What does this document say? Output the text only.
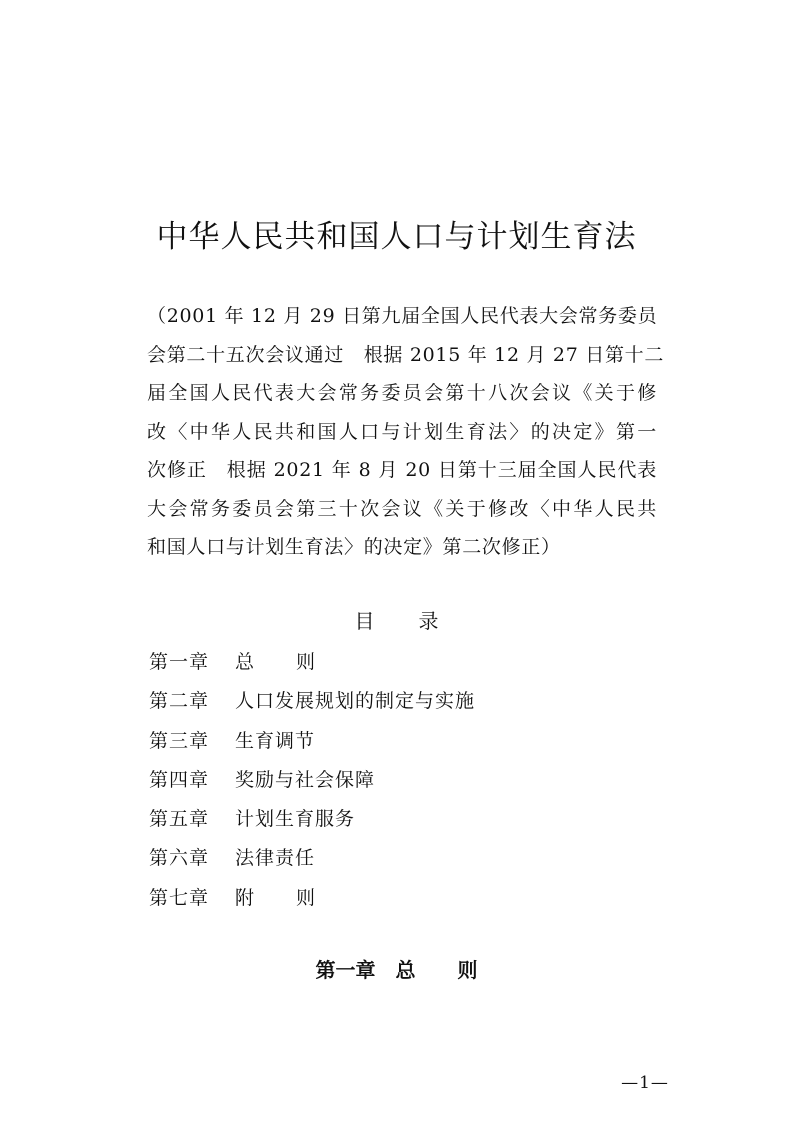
中华人民共和国人口与计划生育法
（2001 年 12 月 29 日第九届全国人民代表大会常务委员
会第二十五次会议通过　根据 2015 年 12 月 27 日第十二
届全国人民代表大会常务委员会第十八次会议《关于修
改〈中华人民共和国人口与计划生育法〉的决定》第一
次修正　根据 2021 年 8 月 20 日第十三届全国人民代表
大会常务委员会第三十次会议《关于修改〈中华人民共
和国人口与计划生育法〉的决定》第二次修正）
目 录
第一章	总则
第二章	人口发展规划的制定与实施
第三章	生育调节
第四章	奖励与社会保障
第五章	计划生育服务
第六章	法律责任
第七章	附则
第一章 总则
—1—
